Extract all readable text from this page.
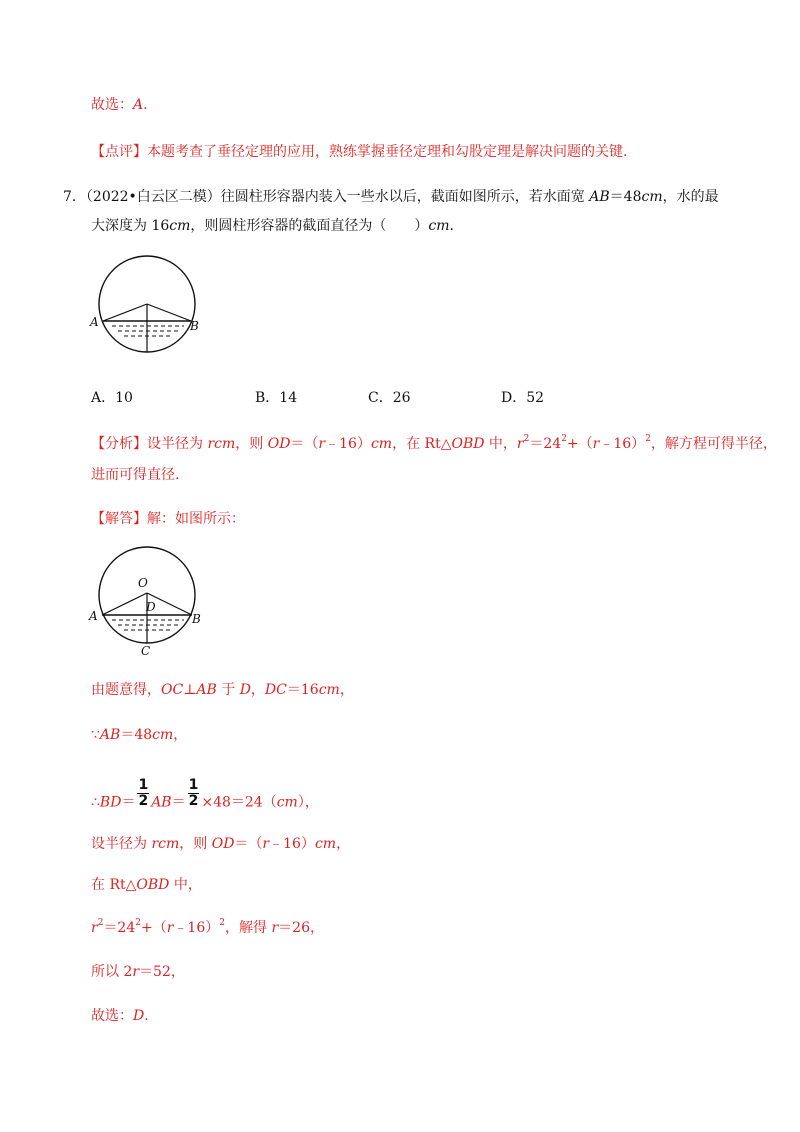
故选：A.
【点评】本题考查了垂径定理的应用，熟练掌握垂径定理和勾股定理是解决问题的关键.
7．（2022•白云区二模）往圆柱形容器内装入一些水以后，截面如图所示，若水面宽 AB＝48cm，水的最
大深度为 16cm，则圆柱形容器的截面直径为（　　）cm.
A	B
A．10	B．14	C．26	D．52
【分析】设半径为 rcm，则 OD＝（r﹣16）cm，在 Rt△OBD 中，$r^2=24^2+(r﹣16)^2$，解方程可得半径，
进而可得直径.
【解答】解：如图所示：
O
D
A	B
C
由题意得，OC⊥AB 于 D，DC＝16cm，
∵AB＝48cm，
∴BD＝ $\frac{1}{2} AB= \frac{1}{2} \times 48=24(cm)$，
设半径为 rcm，则 OD＝（r﹣16）cm，
在 Rt△OBD 中，
$r^2=24^2+(r﹣16)^2$，解得 r＝26，
所以 2r＝52，
故选：D.
